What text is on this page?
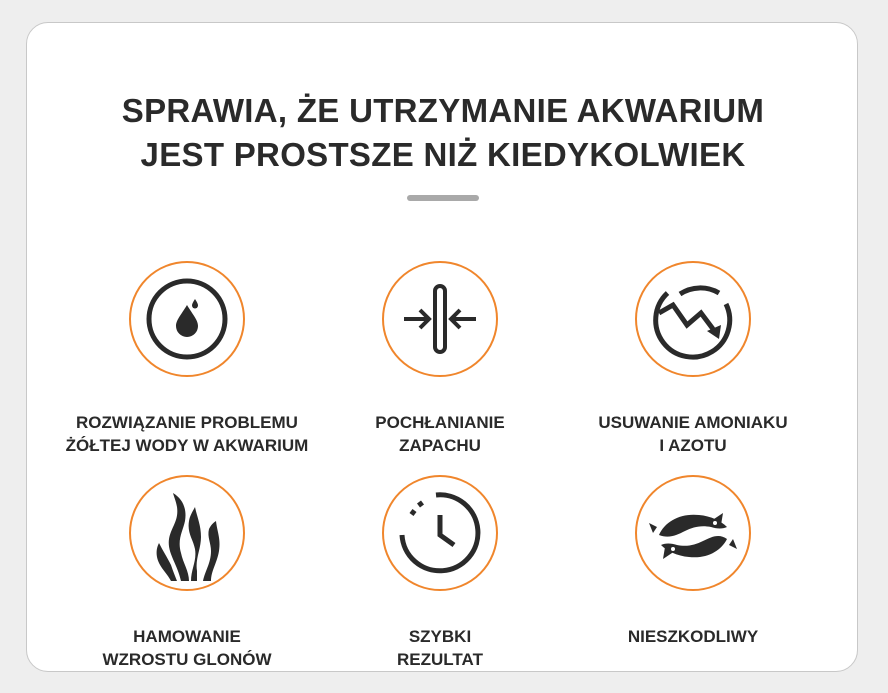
SPRAWIA, ŻE UTRZYMANIE AKWARIUM
JEST PROSTSZE NIŻ KIEDYKOLWIEK
ROZWIĄZANIE PROBLEMU
ŻÓŁTEJ WODY W AKWARIUM
POCHŁANIANIE
ZAPACHU
USUWANIE AMONIAKU
I AZOTU
HAMOWANIE
WZROSTU GLONÓW
SZYBKI
REZULTAT
NIESZKODLIWY
